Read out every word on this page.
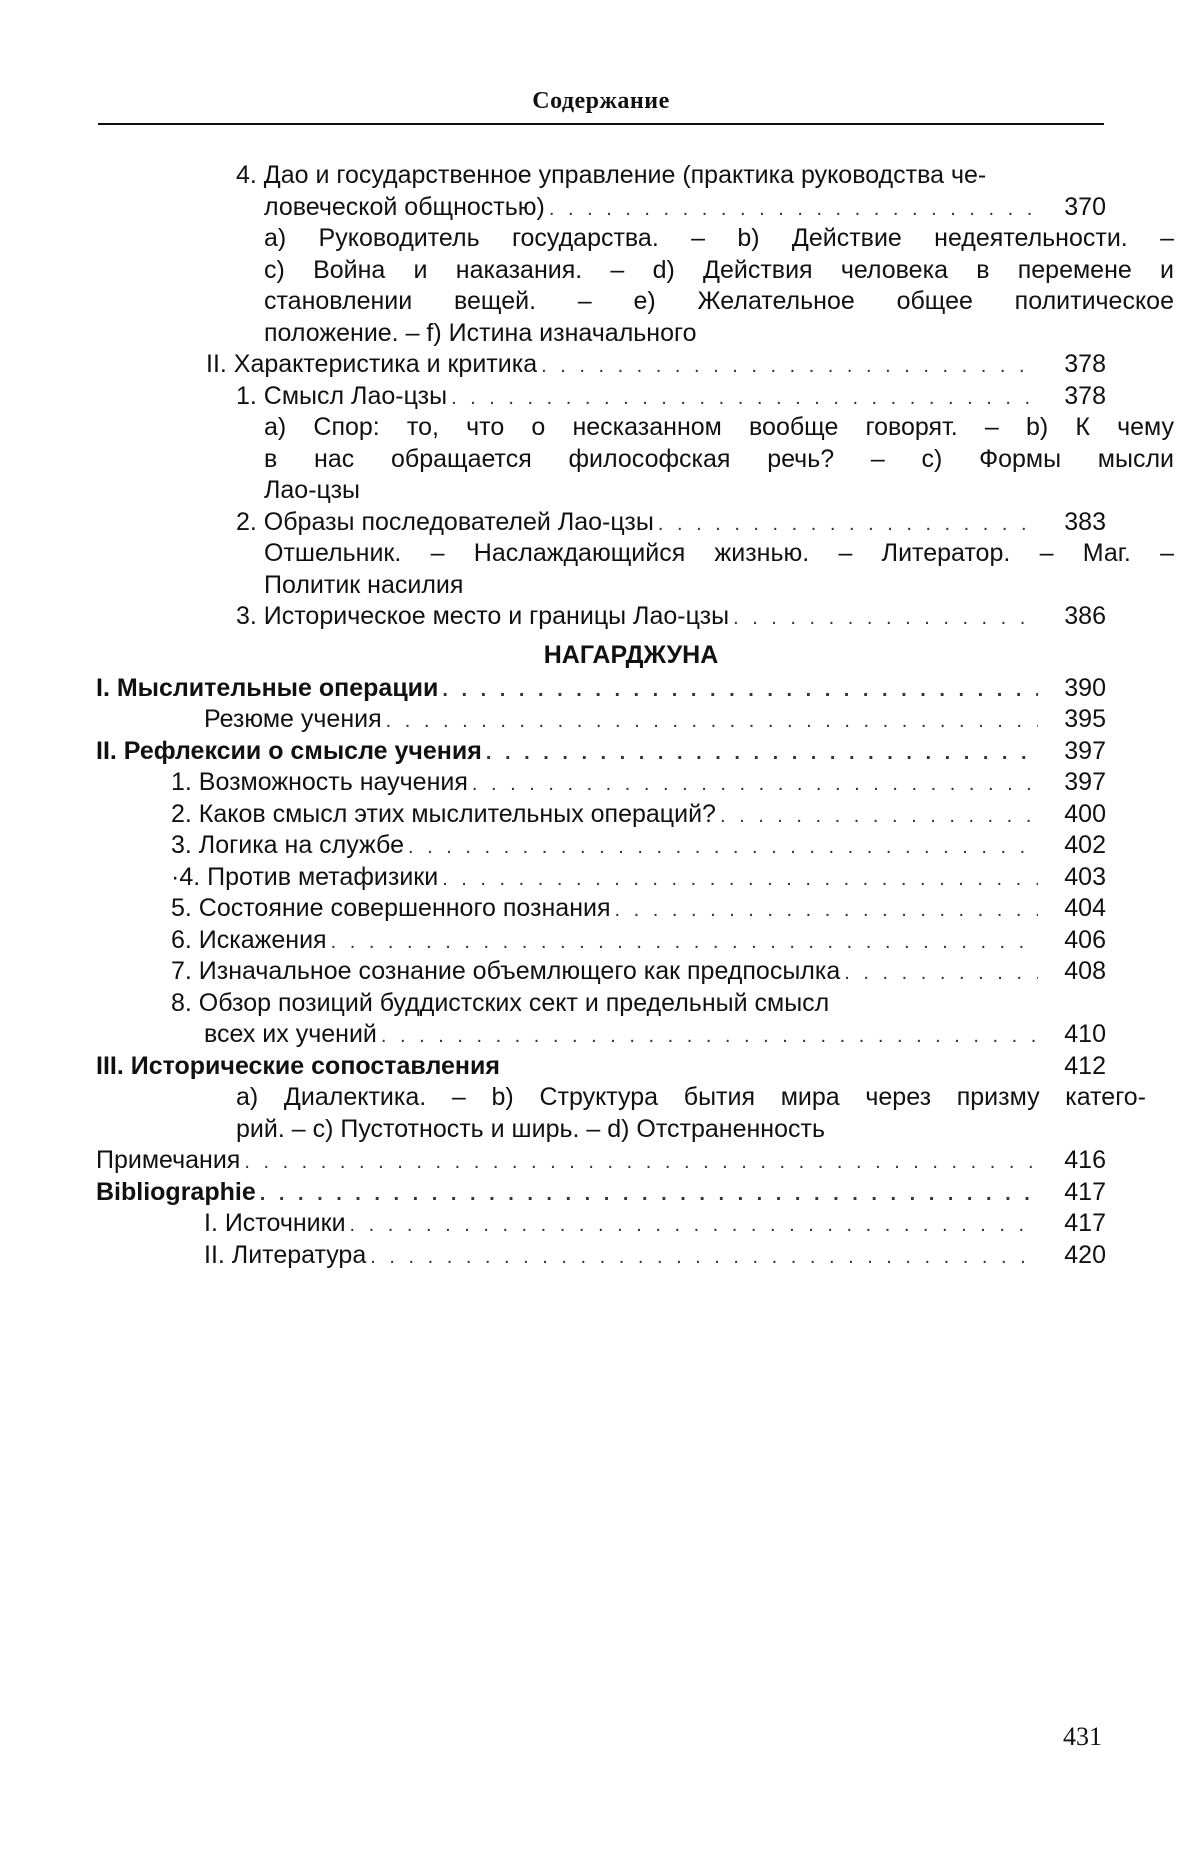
Содержание
4. Дао и государственное управление (практика руководства че-
ловеческой общностью) . . .	370
а) Руководитель государства. – b) Действие недеятельности. –
с) Война и наказания. – d) Действия человека в перемене и
становлении вещей. – е) Желательное общее политическое
положение. – f) Истина изначального
II. Характеристика и критика . . .	378
1. Смысл Лао-цзы . . .	378
а) Спор: то, что о несказанном вообще говорят. – b) К чему
в нас обращается философская речь? – с) Формы мысли
Лао-цзы
2. Образы последователей Лао-цзы . . .	383
Отшельник. – Наслаждающийся жизнью. – Литератор. – Маг. –
Политик насилия
3. Историческое место и границы Лао-цзы . . .	386
НАГАРДЖУНА
I. Мыслительные операции . . .	390
Резюме учения . . .	395
II. Рефлексии о смысле учения . . .	397
1. Возможность научения . . .	397
2. Каков смысл этих мыслительных операций? . . .	400
3. Логика на службе . . .	402
·4. Против метафизики . . .	403
5. Состояние совершенного познания . . .	404
6. Искажения . . .	406
7. Изначальное сознание объемлющего как предпосылка . . .	408
8. Обзор позиций буддистских сект и предельный смысл
всех их учений . . .	410
III. Исторические сопоставления	412
а) Диалектика. – b) Структура бытия мира через призму катего-
рий. – с) Пустотность и ширь. – d) Отстраненность
Примечания . . .	416
Bibliographie . . .	417
I. Источники . . .	417
II. Литература . . .	420
431
